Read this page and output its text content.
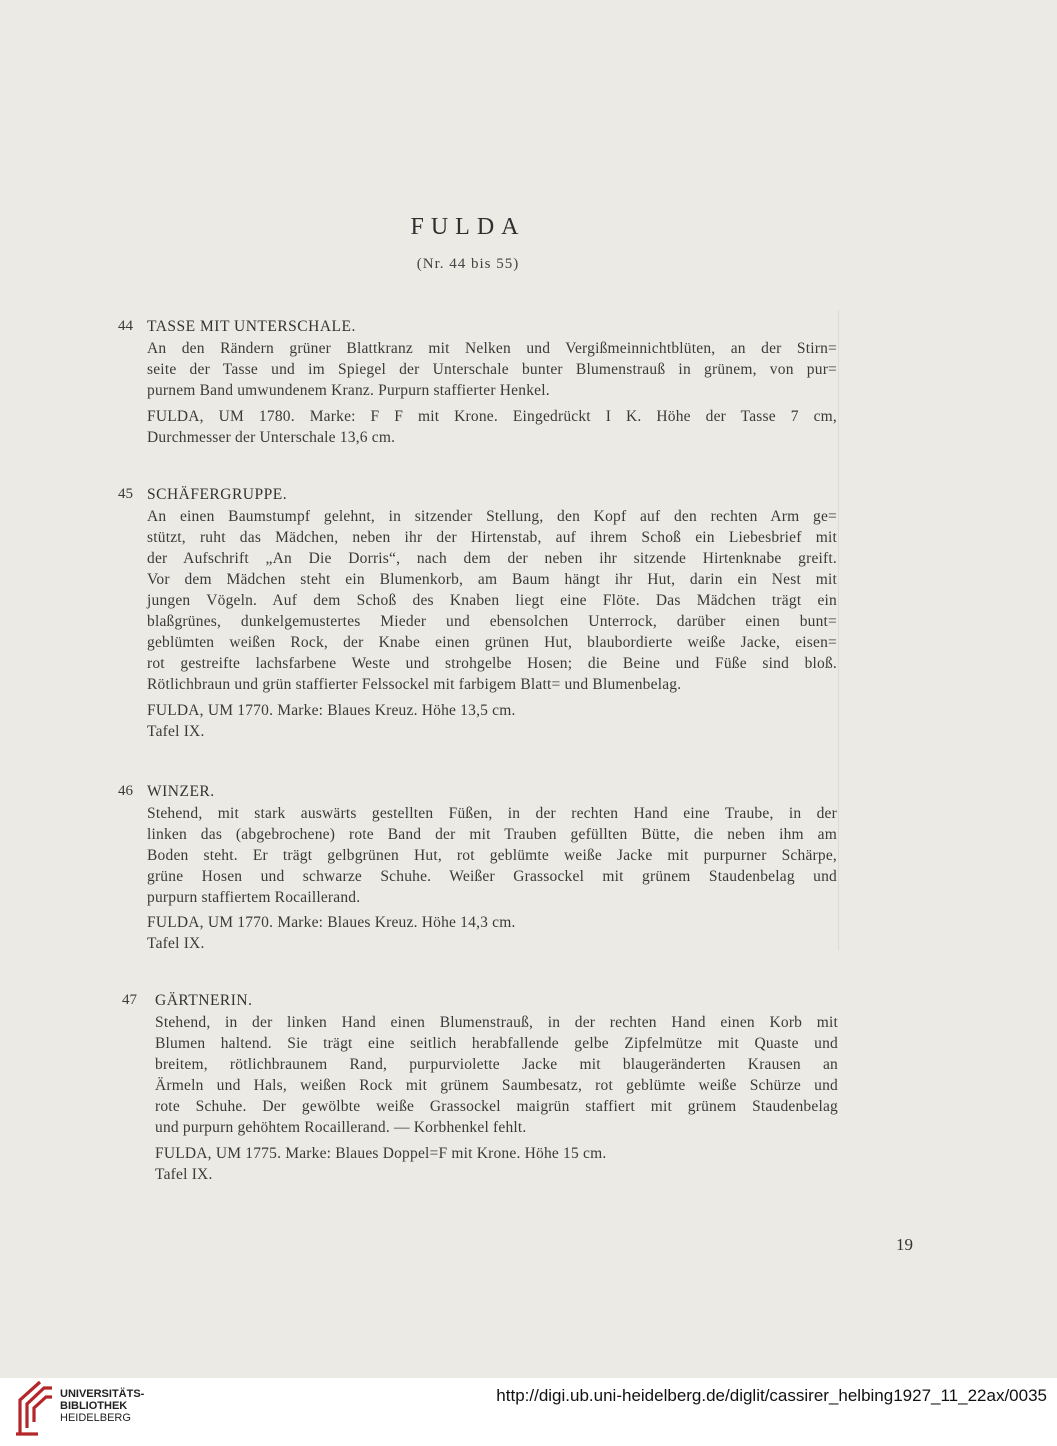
FULDA
(Nr. 44 bis 55)
44 TASSE MIT UNTERSCHALE.
An den Rändern grüner Blattkranz mit Nelken und Vergißmeinnichtblüten, an der Stirn=
seite der Tasse und im Spiegel der Unterschale bunter Blumenstrauß in grünem, von pur=
purnem Band umwundenem Kranz. Purpurn staffierter Henkel.
FULDA, UM 1780. Marke: F F mit Krone. Eingedrückt I K. Höhe der Tasse 7 cm,
Durchmesser der Unterschale 13,6 cm.
45 SCHÄFERGRUPPE.
An einen Baumstumpf gelehnt, in sitzender Stellung, den Kopf auf den rechten Arm ge=
stützt, ruht das Mädchen, neben ihr der Hirtenstab, auf ihrem Schoß ein Liebesbrief mit
der Aufschrift „An Die Dorris“, nach dem der neben ihr sitzende Hirtenknabe greift.
Vor dem Mädchen steht ein Blumenkorb, am Baum hängt ihr Hut, darin ein Nest mit
jungen Vögeln. Auf dem Schoß des Knaben liegt eine Flöte. Das Mädchen trägt ein
blaßgrünes, dunkelgemustertes Mieder und ebensolchen Unterrock, darüber einen bunt=
geblümten weißen Rock, der Knabe einen grünen Hut, blaubordierte weiße Jacke, eisen=
rot gestreifte lachsfarbene Weste und strohgelbe Hosen; die Beine und Füße sind bloß.
Rötlichbraun und grün staffierter Felssockel mit farbigem Blatt= und Blumenbelag.
FULDA, UM 1770. Marke: Blaues Kreuz. Höhe 13,5 cm.
Tafel IX.
46 WINZER.
Stehend, mit stark auswärts gestellten Füßen, in der rechten Hand eine Traube, in der
linken das (abgebrochene) rote Band der mit Trauben gefüllten Bütte, die neben ihm am
Boden steht. Er trägt gelbgrünen Hut, rot geblümte weiße Jacke mit purpurner Schärpe,
grüne Hosen und schwarze Schuhe. Weißer Grassockel mit grünem Staudenbelag und
purpurn staffiertem Rocaillerand.
FULDA, UM 1770. Marke: Blaues Kreuz. Höhe 14,3 cm.
Tafel IX.
47 GÄRTNERIN.
Stehend, in der linken Hand einen Blumenstrauß, in der rechten Hand einen Korb mit
Blumen haltend. Sie trägt eine seitlich herabfallende gelbe Zipfelmütze mit Quaste und
breitem, rötlichbraunem Rand, purpurviolette Jacke mit blaugeränderten Krausen an
Ärmeln und Hals, weißen Rock mit grünem Saumbesatz, rot geblümte weiße Schürze und
rote Schuhe. Der gewölbte weiße Grassockel maigrün staffiert mit grünem Staudenbelag
und purpurn gehöhtem Rocaillerand. — Korbhenkel fehlt.
FULDA, UM 1775. Marke: Blaues Doppel=F mit Krone. Höhe 15 cm.
Tafel IX.
19
UNIVERSITÄTS-
BIBLIOTHEK
HEIDELBERG
http://digi.ub.uni-heidelberg.de/diglit/cassirer_helbing1927_11_22ax/0035
